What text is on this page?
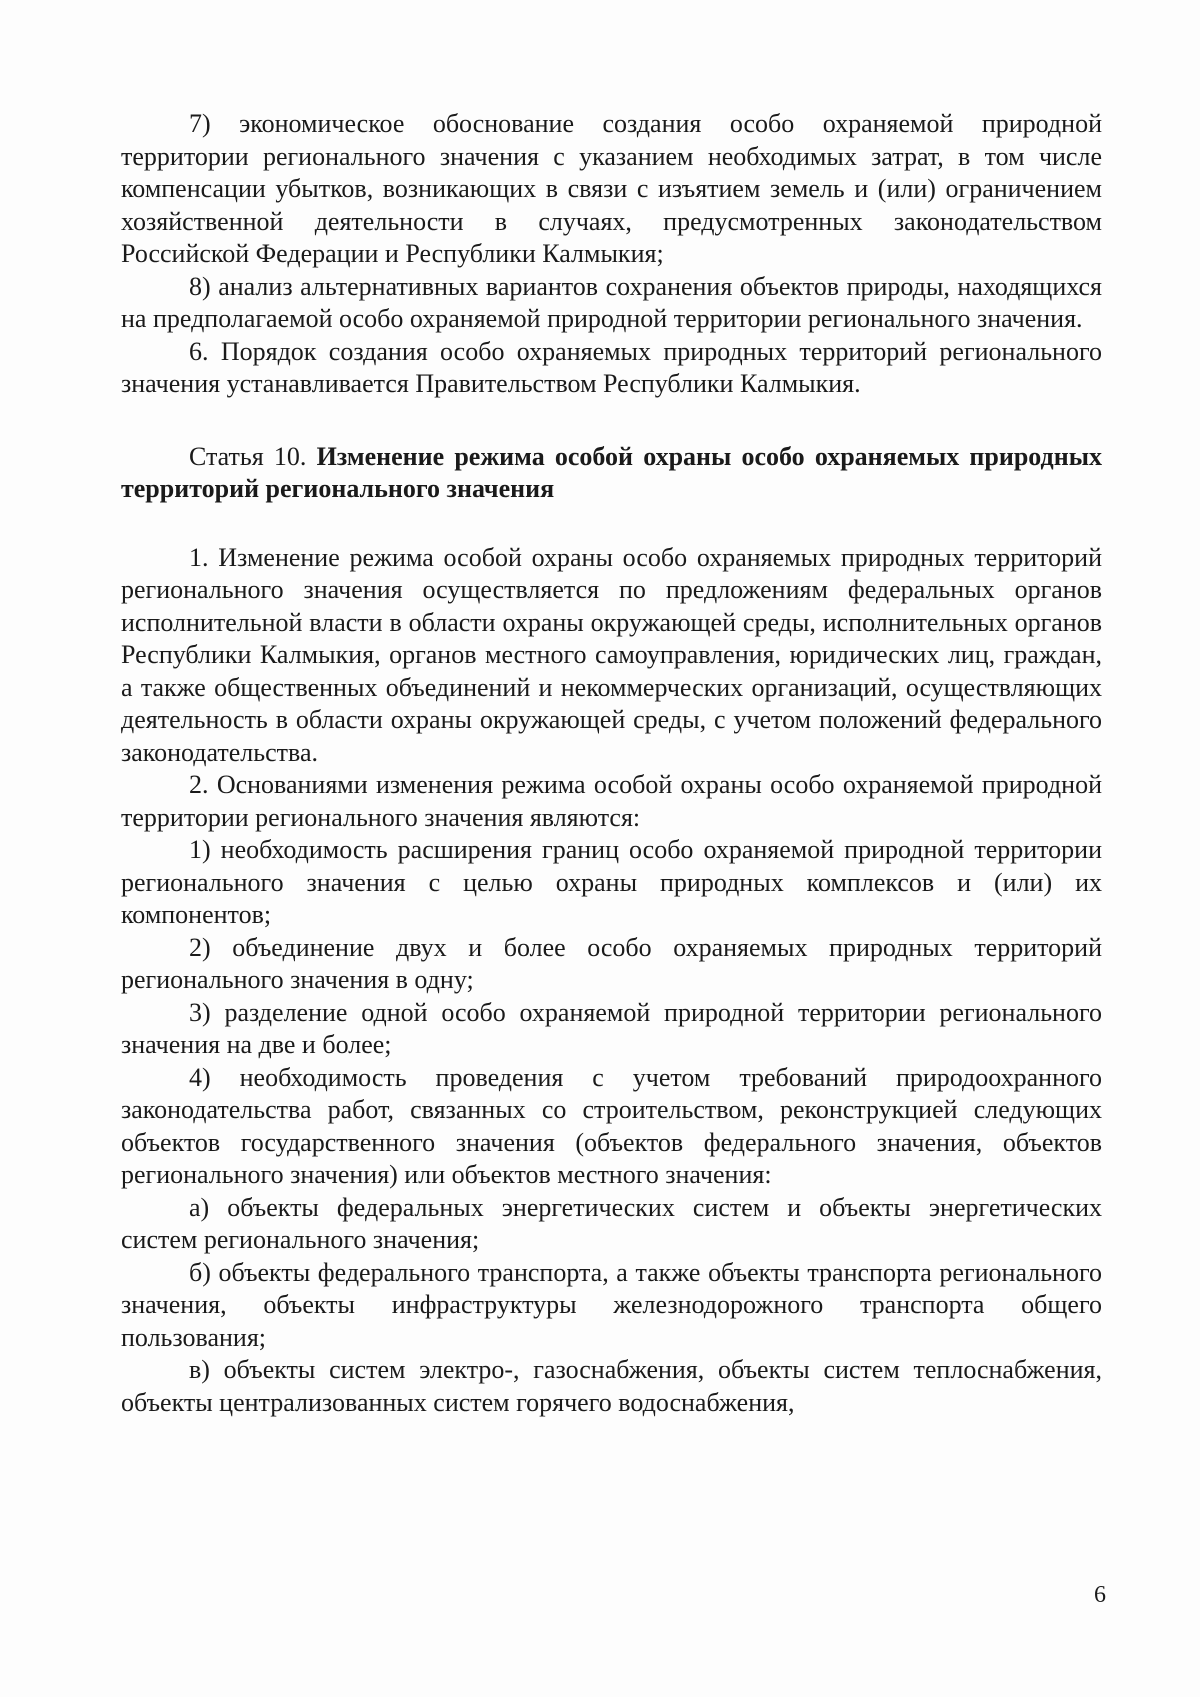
7) экономическое обоснование создания особо охраняемой природной территории регионального значения с указанием необходимых затрат, в том числе компенсации убытков, возникающих в связи с изъятием земель и (или) ограничением хозяйственной деятельности в случаях, предусмотренных законодательством Российской Федерации и Республики Калмыкия;

8) анализ альтернативных вариантов сохранения объектов природы, находящихся на предполагаемой особо охраняемой природной территории регионального значения.

6. Порядок создания особо охраняемых природных территорий регионального значения устанавливается Правительством Республики Калмыкия.

Статья 10. Изменение режима особой охраны особо охраняемых природных территорий регионального значения

1. Изменение режима особой охраны особо охраняемых природных территорий регионального значения осуществляется по предложениям федеральных органов исполнительной власти в области охраны окружающей среды, исполнительных органов Республики Калмыкия, органов местного самоуправления, юридических лиц, граждан, а также общественных объединений и некоммерческих организаций, осуществляющих деятельность в области охраны окружающей среды, с учетом положений федерального законодательства.

2. Основаниями изменения режима особой охраны особо охраняемой природной территории регионального значения являются:

1) необходимость расширения границ особо охраняемой природной территории регионального значения с целью охраны природных комплексов и (или) их компонентов;

2) объединение двух и более особо охраняемых природных территорий регионального значения в одну;

3) разделение одной особо охраняемой природной территории регионального значения на две и более;

4) необходимость проведения с учетом требований природоохранного законодательства работ, связанных со строительством, реконструкцией следующих объектов государственного значения (объектов федерального значения, объектов регионального значения) или объектов местного значения:

а) объекты федеральных энергетических систем и объекты энергетических систем регионального значения;

б) объекты федерального транспорта, а также объекты транспорта регионального значения, объекты инфраструктуры железнодорожного транспорта общего пользования;

в) объекты систем электро-, газоснабжения, объекты систем теплоснабжения, объекты централизованных систем горячего водоснабжения,

6
